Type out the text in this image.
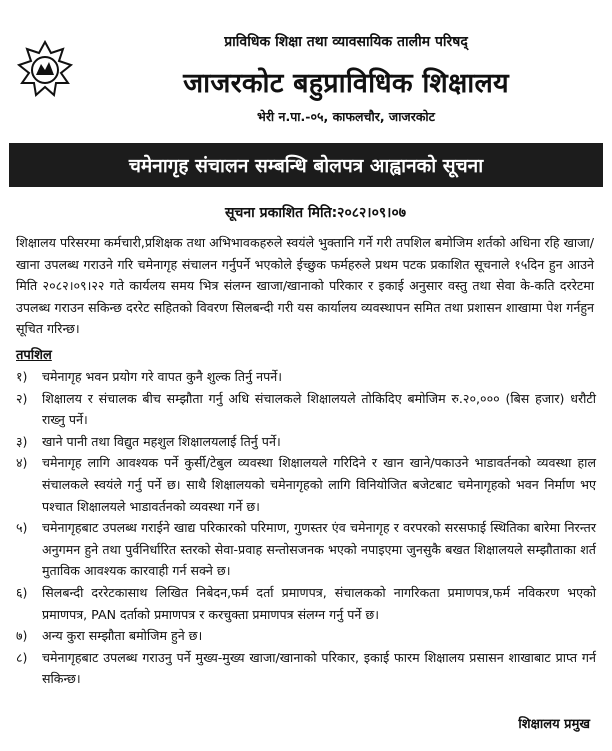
प्राविधिक शिक्षा तथा व्यावसायिक तालीम परिषद्
जाजरकोट बहुप्राविधिक शिक्षालय
भेरी न.पा.-०५, काफलचौर, जाजरकोट
चमेनागृह संचालन सम्बन्धि बोलपत्र आह्वानको सूचना
सूचना प्रकाशित मिति:२०८२।०९।०७
शिक्षालय परिसरमा कर्मचारी,प्रशिक्षक तथा अभिभावकहरुले स्वयंले भुक्तानि गर्ने गरी तपशिल बमोजिम शर्तको अधिना रहि खाजा/खाना उपलब्ध गराउने गरि चमेनागृह संचालन गर्नुपर्ने भएकोले ईच्छुक फर्महरुले प्रथम पटक प्रकाशित सूचनाले १५दिन हुन आउने मिति २०८२।०९।२२ गते कार्यलय समय भित्र संलग्न खाजा/खानाको परिकार र इकाई अनुसार वस्तु तथा सेवा के-कति दररेटमा उपलब्ध गराउन सकिन्छ दररेट सहितको विवरण सिलबन्दी गरी यस कार्यालय व्यवस्थापन समित तथा प्रशासन शाखामा पेश गर्नहुन सूचित गरिन्छ।
तपशिल
१)	चमेनागृह भवन प्रयोग गरे वापत कुनै शुल्क तिर्नु नपर्ने।
२)	शिक्षालय र संचालक बीच सम्झौता गर्नु अधि संचालकले शिक्षालयले तोकिदिए बमोजिम रु.२०,००० (बिस हजार) धरौटी राख्नु पर्ने।
३)	खाने पानी तथा विद्युत महशुल शिक्षालयलाई तिर्नु पर्ने।
४)	चमेनागृह लागि आवश्यक पर्ने कुर्सी/टेबुल व्यवस्था शिक्षालयले गरिदिने र खान खाने/पकाउने भाडावर्तनको व्यवस्था हाल संचालकले स्वयंले गर्नु पर्ने छ। साथै शिक्षालयको चमेनागृहको लागि विनियोजित बजेटबाट चमेनागृहको भवन निर्माण भए पश्चात शिक्षालयले भाडावर्तनको व्यवस्था गर्ने छ।
५)	चमेनागृहबाट उपलब्ध गराईने खाद्य परिकारको परिमाण, गुणस्तर एंव चमेनागृह र वरपरको सरसफाई स्थितिका बारेमा निरन्तर अनुगमन हुने तथा पुर्वनिर्धारित स्तरको सेवा-प्रवाह सन्तोसजनक भएको नपाइएमा जुनसुकै बखत शिक्षालयले सम्झौताका शर्त मुताविक आवश्यक कारवाही गर्न सक्ने छ।
६)	सिलबन्दी दररेटकासाथ लिखित निबेदन,फर्म दर्ता प्रमाणपत्र, संचालकको नागरिकता प्रमाणपत्र,फर्म नविकरण भएको प्रमाणपत्र, PAN दर्ताको प्रमाणपत्र र करचुक्ता प्रमाणपत्र संलग्न गर्नु पर्ने छ।
७)	अन्य कुरा सम्झौता बमोजिम हुने छ।
८)	चमेनागृहबाट उपलब्ध गराउनु पर्ने मुख्य-मुख्य खाजा/खानाको परिकार, इकाई फारम शिक्षालय प्रसासन शाखाबाट प्राप्त गर्न सकिन्छ।
शिक्षालय प्रमुख
